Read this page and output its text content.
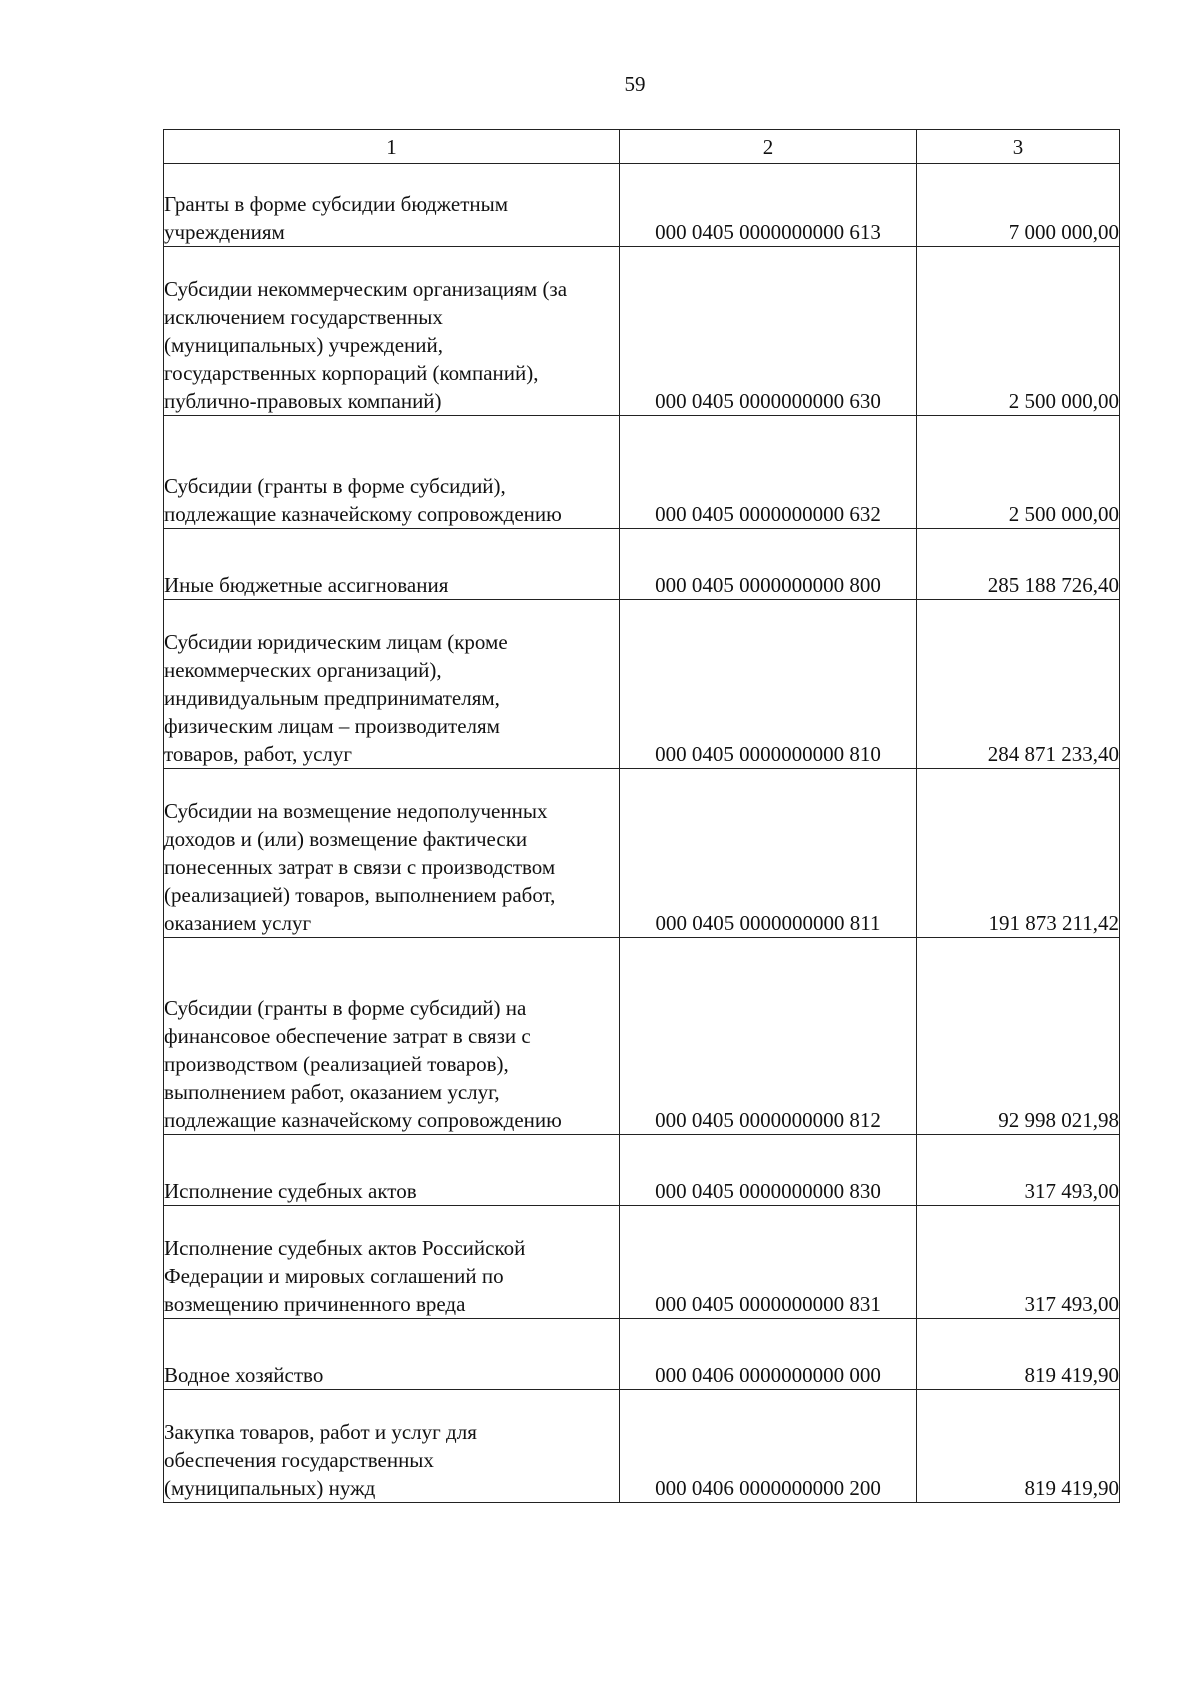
59
1	2	3

Гранты в форме субсидии бюджетным учреждениям	000 0405 0000000000 613	7 000 000,00

Субсидии некоммерческим организациям (за исключением государственных (муниципальных) учреждений, государственных корпораций (компаний), публично-правовых компаний)	000 0405 0000000000 630	2 500 000,00

Субсидии (гранты в форме субсидий), подлежащие казначейскому сопровождению	000 0405 0000000000 632	2 500 000,00

Иные бюджетные ассигнования	000 0405 0000000000 800	285 188 726,40

Субсидии юридическим лицам (кроме некоммерческих организаций), индивидуальным предпринимателям, физическим лицам – производителям товаров, работ, услуг	000 0405 0000000000 810	284 871 233,40

Субсидии на возмещение недополученных доходов и (или) возмещение фактически понесенных затрат в связи с производством (реализацией) товаров, выполнением работ, оказанием услуг	000 0405 0000000000 811	191 873 211,42

Субсидии (гранты в форме субсидий) на финансовое обеспечение затрат в связи с производством (реализацией товаров), выполнением работ, оказанием услуг, подлежащие казначейскому сопровождению	000 0405 0000000000 812	92 998 021,98

Исполнение судебных актов	000 0405 0000000000 830	317 493,00

Исполнение судебных актов Российской Федерации и мировых соглашений по возмещению причиненного вреда	000 0405 0000000000 831	317 493,00

Водное хозяйство	000 0406 0000000000 000	819 419,90

Закупка товаров, работ и услуг для обеспечения государственных (муниципальных) нужд	000 0406 0000000000 200	819 419,90
